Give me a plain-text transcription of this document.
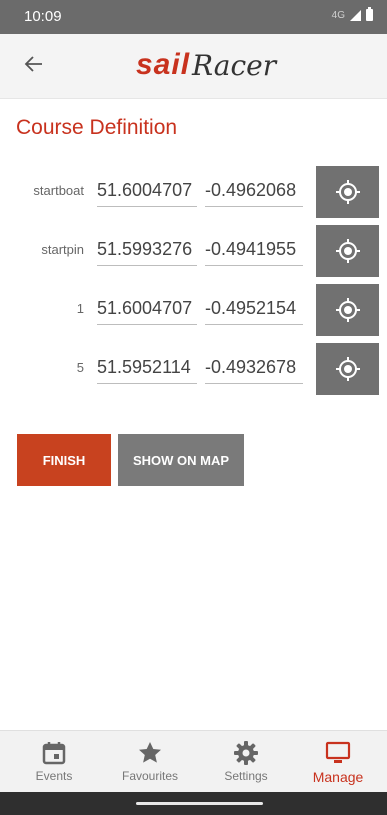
10:09	4G
sail Racer
Course Definition
startboat 51.6004707 -0.4962068
startpin 51.5993276 -0.4941955
1 51.6004707 -0.4952154
5 51.5952114 -0.4932678
FINISH	SHOW ON MAP
Events	Favourites	Settings	Manage
